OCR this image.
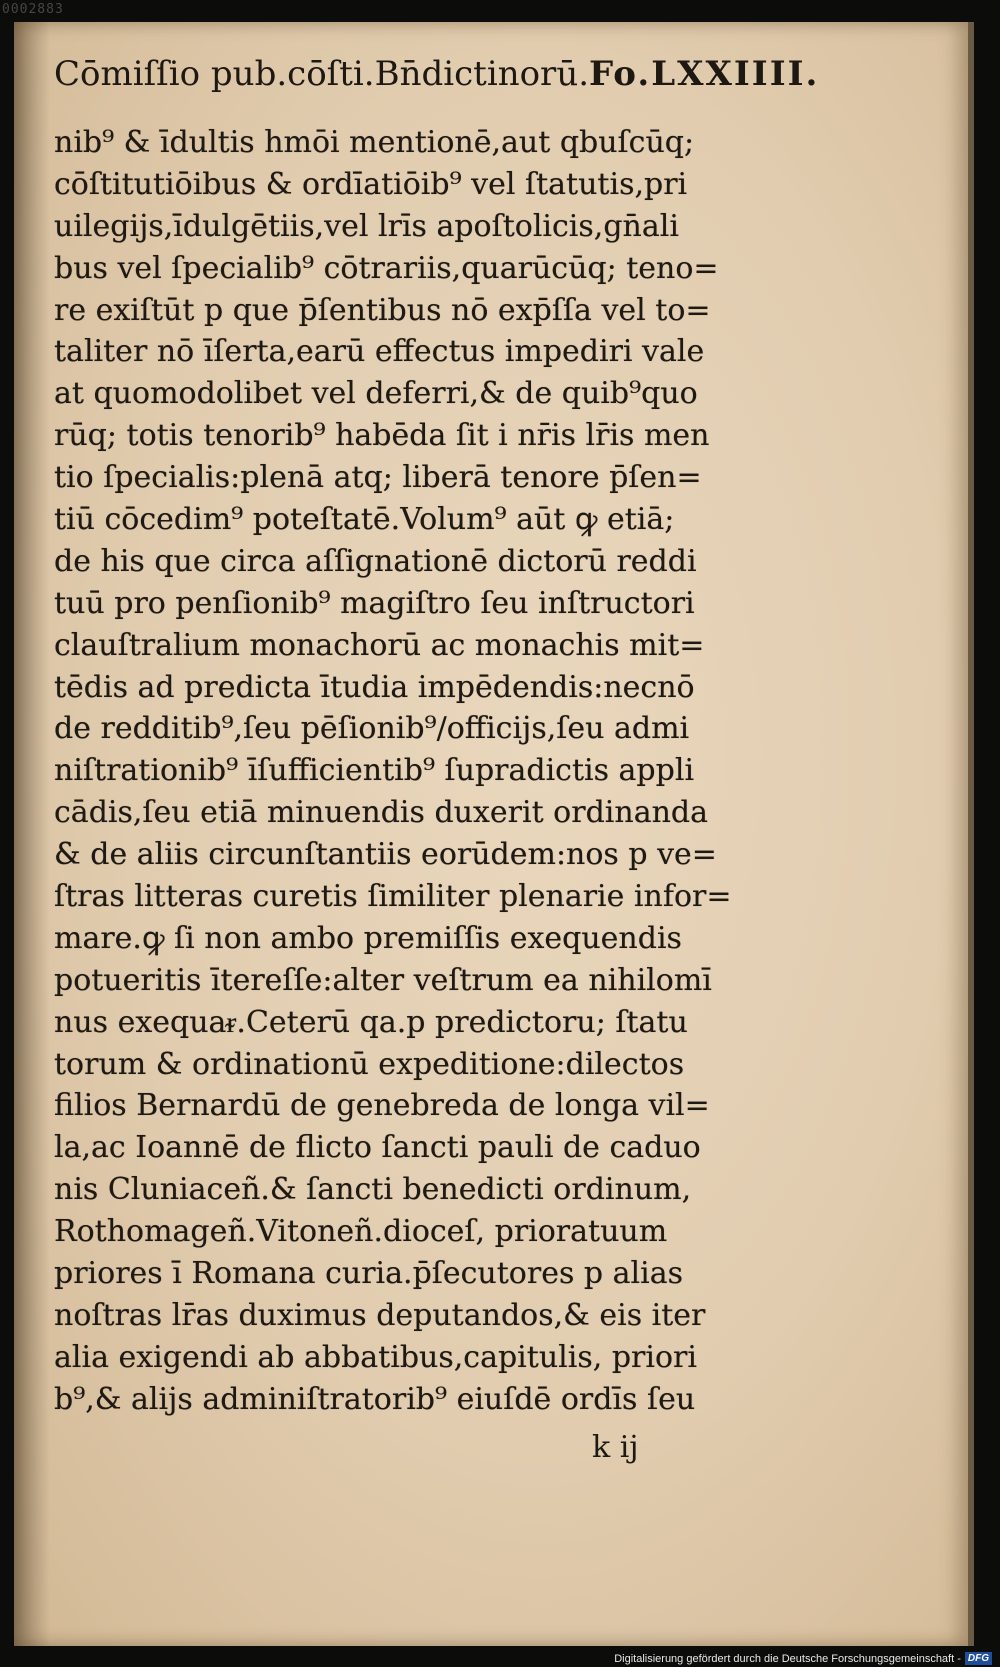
Cōmiſſio pub.cōſti.Bn̄dictinorū.Fo.LXXIIII.
nib⁹ & īdultis hmōi mentionē,aut qbuſcūq;
cōſtitutiōibus & ordīatiōib⁹ vel ſtatutis,pri
uilegijs,īdulgētiis,vel lrīs apoſtolicis,gn̄ali
bus vel ſpecialib⁹ cōtrariis,quarūcūq; teno=
re exiſtūt p que p̄ſentibus nō exp̄ſſa vel to=
taliter nō īſerta,earū effectus impediri vale
at quomodolibet vel deferri,& de quib⁹quo
rūq; totis tenorib⁹ habēda ſit i nr̄is lr̄is men
tio ſpecialis:plenā atq; liberā tenore p̄ſen=
tiū cōcedim⁹ poteſtatē.Volum⁹ aūt ꝙ etiā;
de his que circa aſſignationē dictorū reddi
tuū pro penſionib⁹ magiſtro ſeu inſtructori
clauſtralium monachorū ac monachis mit=
tēdis ad predicta ītudia impēdendis:necnō
de redditib⁹,ſeu pēſionib⁹/officijs,ſeu admi
niſtrationib⁹ īſufficientib⁹ ſupradictis appli
cādis,ſeu etiā minuendis duxerit ordinanda
& de aliis circunſtantiis eorūdem:nos p ve=
ſtras litteras curetis ſimiliter plenarie infor=
mare.ꝙ ſi non ambo premiſſis exequendis
potueritis ītereſſe:alter veſtrum ea nihilomī
nus exequaᵲ.Ceterū qa.p predictoru; ſtatu
torum & ordinationū expeditione:dilectos
filios Bernardū de genebreda de longa vil=
la,ac Ioannē de flicto ſancti pauli de caduo
nis Cluniaceñ.& ſancti benedicti ordinum,
Rothomageñ.Vitoneñ.dioceſ, prioratuum
priores ī Romana curia.p̄ſecutores p alias
noſtras lr̄as duximus deputandos,& eis iter
alia exigendi ab abbatibus,capitulis, priori
b⁹,& alijs adminiſtratorib⁹ eiuſdē ordīs ſeu
k ij
0002883
Digitalisierung gefördert durch die Deutsche Forschungsgemeinschaft - DFG
